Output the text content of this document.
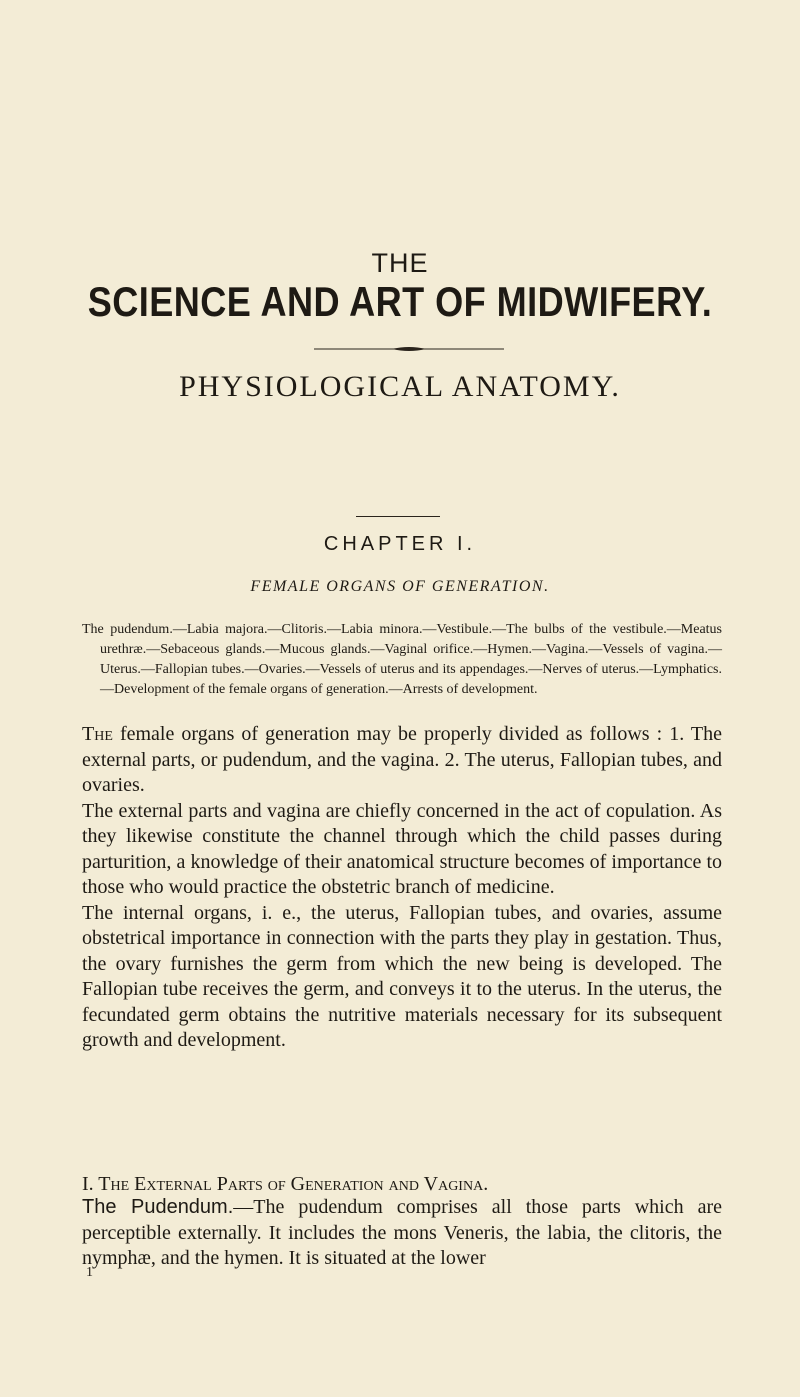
THE
SCIENCE AND ART OF MIDWIFERY.
PHYSIOLOGICAL ANATOMY.
CHAPTER I.
FEMALE ORGANS OF GENERATION.

The pudendum.—Labia majora.—Clitoris.—Labia minora.—Vestibule.—The bulbs of the vestibule.—Meatus urethræ.—Sebaceous glands.—Mucous glands.—Vaginal orifice.—Hymen.—Vagina.—Vessels of vagina.—Uterus.—Fallopian tubes.—Ovaries.—Vessels of uterus and its appendages.—Nerves of uterus.—Lymphatics.—Development of the female organs of generation.—Arrests of development.

The female organs of generation may be properly divided as follows : 1. The external parts, or pudendum, and the vagina. 2. The uterus, Fallopian tubes, and ovaries.

The external parts and vagina are chiefly concerned in the act of copulation. As they likewise constitute the channel through which the child passes during parturition, a knowledge of their anatomical structure becomes of importance to those who would practice the obstetric branch of medicine.

The internal organs, i. e., the uterus, Fallopian tubes, and ovaries, assume obstetrical importance in connection with the parts they play in gestation. Thus, the ovary furnishes the germ from which the new being is developed. The Fallopian tube receives the germ, and conveys it to the uterus. In the uterus, the fecundated germ obtains the nutritive materials necessary for its subsequent growth and development.

I. The External Parts of Generation and Vagina.
The Pudendum.—The pudendum comprises all those parts which are perceptible externally. It includes the mons Veneris, the labia, the clitoris, the nymphæ, and the hymen. It is situated at the lower
1
